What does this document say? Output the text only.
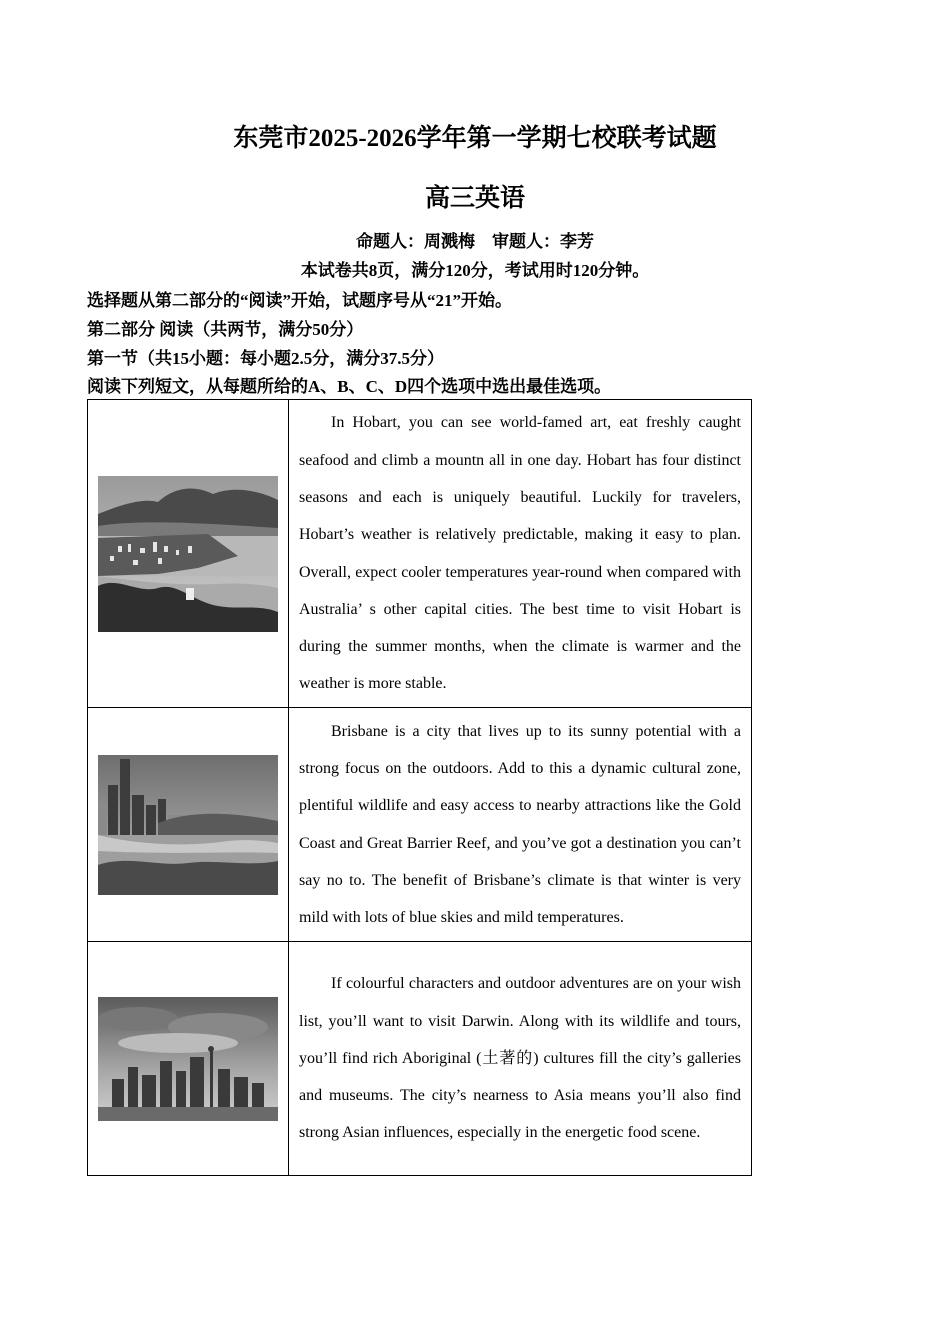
东莞市2025-2026学年第一学期七校联考试题
高三英语
命题人：周溅梅　审题人：李芳
本试卷共8页，满分120分，考试用时120分钟。
选择题从第二部分的“阅读”开始，试题序号从“21”开始。
第二部分 阅读（共两节，满分50分）
第一节（共15小题：每小题2.5分，满分37.5分）
阅读下列短文，从每题所给的A、B、C、D四个选项中选出最佳选项。

In Hobart, you can see world-famed art, eat freshly caught seafood and climb a mountn all in one day. Hobart has four distinct seasons and each is uniquely beautiful. Luckily for travelers, Hobart’s weather is relatively predictable, making it easy to plan. Overall, expect cooler temperatures year-round when compared with Australia’ s other capital cities. The best time to visit Hobart is during the summer months, when the climate is warmer and the weather is more stable.

Brisbane is a city that lives up to its sunny potential with a strong focus on the outdoors. Add to this a dynamic cultural zone, plentiful wildlife and easy access to nearby attractions like the Gold Coast and Great Barrier Reef, and you’ve got a destination you can’t say no to. The benefit of Brisbane’s climate is that winter is very mild with lots of blue skies and mild temperatures.

If colourful characters and outdoor adventures are on your wish list, you’ll want to visit Darwin. Along with its wildlife and tours, you’ll find rich Aboriginal (土著的) cultures fill the city’s galleries and museums. The city’s nearness to Asia means you’ll also find strong Asian influences, especially in the energetic food scene.
